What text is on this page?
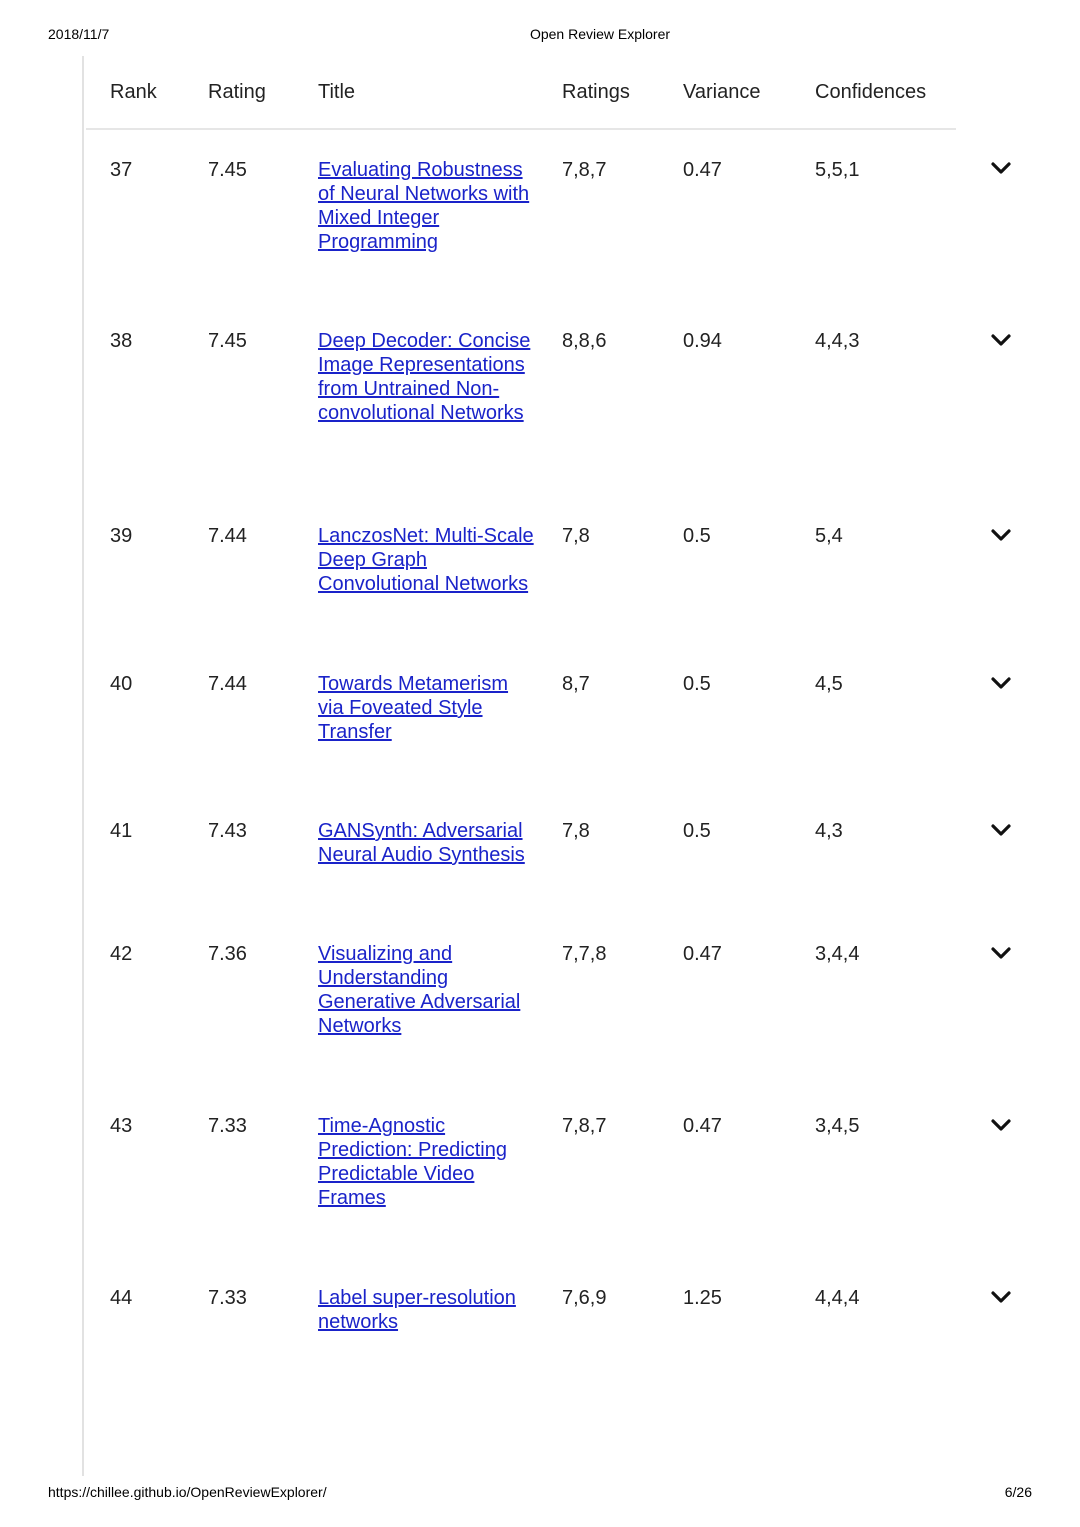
2018/11/7	Open Review Explorer
Rank	Rating	Title	Ratings	Variance	Confidences	
37	7.45	Evaluating Robustness of Neural Networks with Mixed Integer Programming	7,8,7	0.47	5,5,1	
38	7.45	Deep Decoder: Concise Image Representations from Untrained Non-convolutional Networks	8,8,6	0.94	4,4,3	
39	7.44	LanczosNet: Multi-Scale Deep Graph Convolutional Networks	7,8	0.5	5,4	
40	7.44	Towards Metamerism via Foveated Style Transfer	8,7	0.5	4,5	
41	7.43	GANSynth: Adversarial Neural Audio Synthesis	7,8	0.5	4,3	
42	7.36	Visualizing and Understanding Generative Adversarial Networks	7,7,8	0.47	3,4,4	
43	7.33	Time-Agnostic Prediction: Predicting Predictable Video Frames	7,8,7	0.47	3,4,5	
44	7.33	Label super-resolution networks	7,6,9	1.25	4,4,4	
https://chillee.github.io/OpenReviewExplorer/	6/26
